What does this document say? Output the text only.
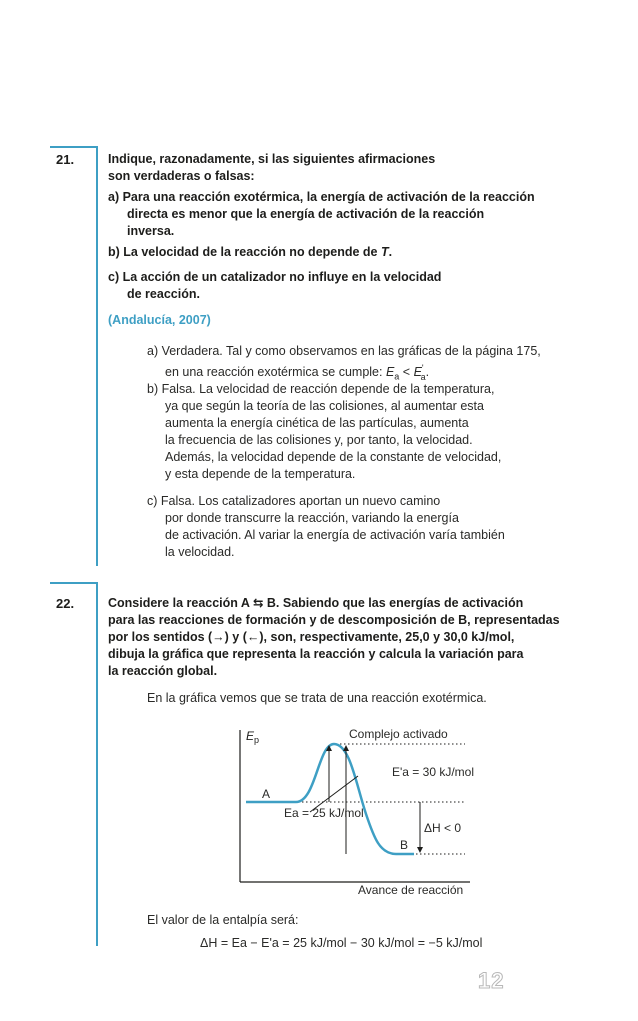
21.	Indique, razonadamente, si las siguientes afirmaciones
son verdaderas o falsas:
a) Para una reacción exotérmica, la energía de activación de la reacción
directa es menor que la energía de activación de la reacción
inversa.
b) La velocidad de la reacción no depende de T.
c) La acción de un catalizador no influye en la velocidad
de reacción.
(Andalucía, 2007)
a) Verdadera. Tal y como observamos en las gráficas de la página 175,
en una reacción exotérmica se cumple: $E_a < E'_a$.
b) Falsa. La velocidad de reacción depende de la temperatura,
ya que según la teoría de las colisiones, al aumentar esta
aumenta la energía cinética de las partículas, aumenta
la frecuencia de las colisiones y, por tanto, la velocidad.
Además, la velocidad depende de la constante de velocidad,
y esta depende de la temperatura.
c) Falsa. Los catalizadores aportan un nuevo camino
por donde transcurre la reacción, variando la energía
de activación. Al variar la energía de activación varía también
la velocidad.
22.	Considere la reacción A ⇆ B. Sabiendo que las energías de activación
para las reacciones de formación y de descomposición de B, representadas
por los sentidos (→) y (←), son, respectivamente, 25,0 y 30,0 kJ/mol,
dibuja la gráfica que representa la reacción y calcula la variación para
la reacción global.
En la gráfica vemos que se trata de una reacción exotérmica.
$E_p$	Complejo activado
E'a = 30 kJ/mol
A
Ea = 25 kJ/mol
ΔH < 0
B
Avance de reacción
El valor de la entalpía será:
ΔH = Ea − E'a = 25 kJ/mol − 30 kJ/mol = −5 kJ/mol
12
